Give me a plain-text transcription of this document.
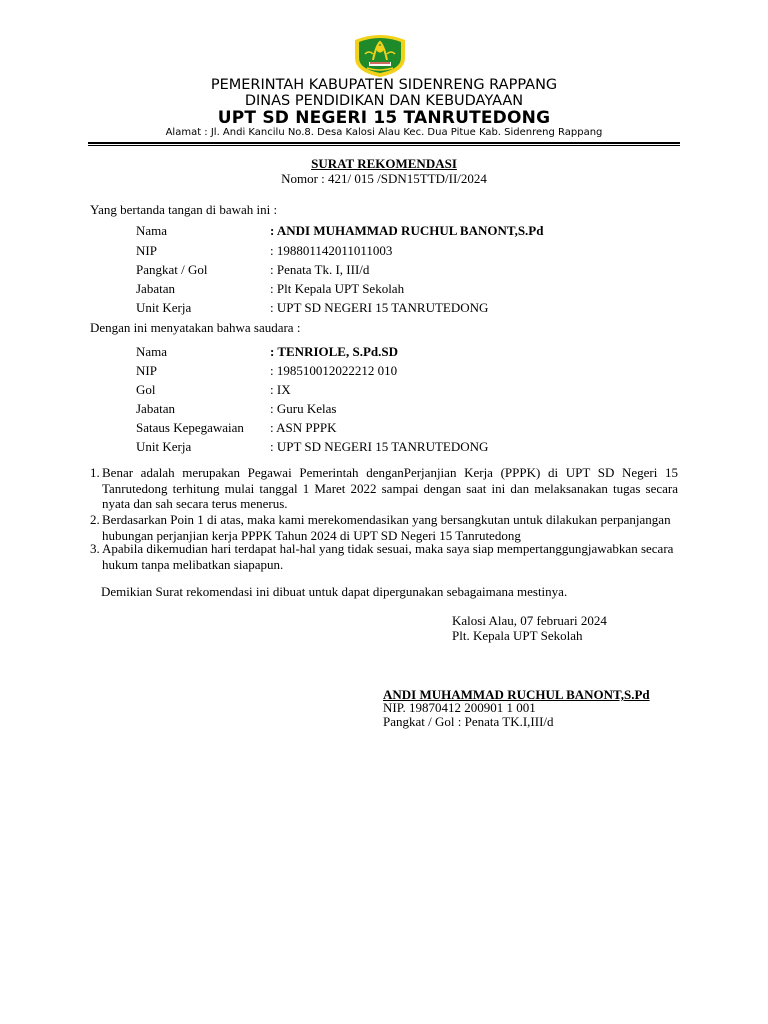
PEMERINTAH KABUPATEN SIDENRENG RAPPANG
DINAS PENDIDIKAN DAN KEBUDAYAAN
UPT SD NEGERI 15 TANRUTEDONG
Alamat : Jl. Andi Kancilu No.8. Desa Kalosi Alau Kec. Dua Pitue Kab. Sidenreng Rappang
SURAT REKOMENDASI
Nomor : 421/ 015 /SDN15TTD/II/2024
Yang bertanda tangan di bawah ini :
Nama	: ANDI MUHAMMAD RUCHUL BANONT,S.Pd
NIP	: 198801142011011003
Pangkat / Gol	: Penata Tk. I, III/d
Jabatan	: Plt Kepala UPT Sekolah
Unit Kerja	: UPT SD NEGERI 15 TANRUTEDONG
Dengan ini menyatakan bahwa saudara :
Nama	: TENRIOLE, S.Pd.SD
NIP	: 198510012022212 010
Gol	: IX
Jabatan	: Guru Kelas
Sataus Kepegawaian : ASN PPPK
Unit Kerja	: UPT SD NEGERI 15 TANRUTEDONG
1. Benar adalah merupakan Pegawai Pemerintah denganPerjanjian Kerja (PPPK) di UPT SD Negeri 15 Tanrutedong terhitung mulai tanggal 1 Maret 2022 sampai dengan saat ini dan melaksanakan tugas secara nyata dan sah secara terus menerus.
2. Berdasarkan Poin 1 di atas, maka kami merekomendasikan yang bersangkutan untuk dilakukan perpanjangan hubungan perjanjian kerja PPPK Tahun 2024 di UPT SD Negeri 15 Tanrutedong
3. Apabila dikemudian hari terdapat hal-hal yang tidak sesuai, maka saya siap mempertanggungjawabkan secara hukum tanpa melibatkan siapapun.
Demikian Surat rekomendasi ini dibuat untuk dapat dipergunakan sebagaimana mestinya.
Kalosi Alau, 07 februari 2024
Plt. Kepala UPT Sekolah
ANDI MUHAMMAD RUCHUL BANONT,S.Pd
NIP. 19870412 200901 1 001
Pangkat / Gol : Penata TK.I,III/d
